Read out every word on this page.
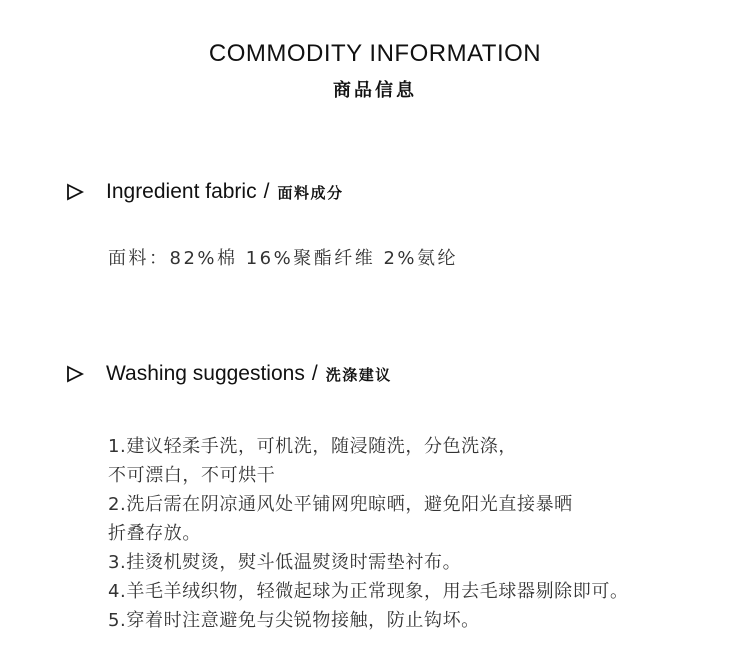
COMMODITY INFORMATION
商品信息
Ingredient fabric / 面料成分
面料：82%棉 16%聚酯纤维 2%氨纶
Washing suggestions / 洗涤建议
1.建议轻柔手洗，可机洗，随浸随洗，分色洗涤，
不可漂白，不可烘干
2.洗后需在阴凉通风处平铺网兜晾晒，避免阳光直接暴晒
折叠存放。
3.挂烫机熨烫，熨斗低温熨烫时需垫衬布。
4.羊毛羊绒织物，轻微起球为正常现象，用去毛球器剔除即可。
5.穿着时注意避免与尖锐物接触，防止钩坏。
